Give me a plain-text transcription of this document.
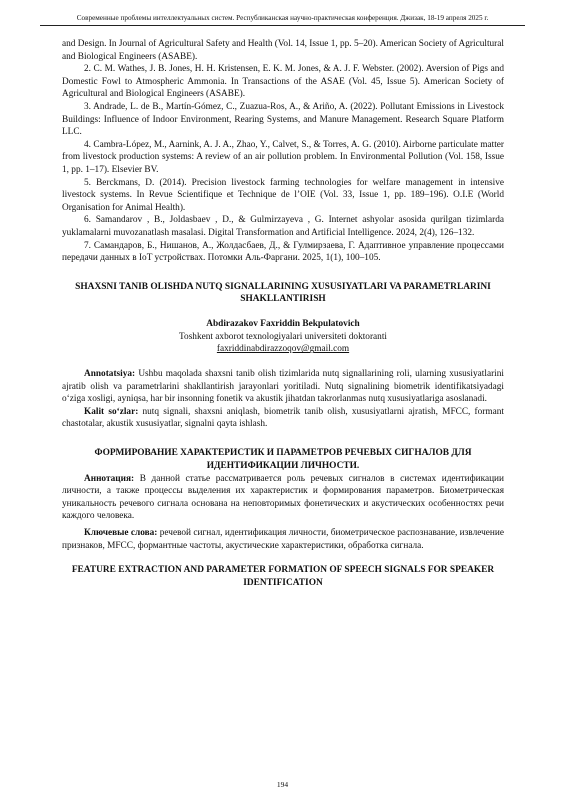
Современные проблемы интеллектуальных систем. Республиканская научно-практическая конференция. Джизак, 18-19 апреля 2025 г.

and Design. In Journal of Agricultural Safety and Health (Vol. 14, Issue 1, pp. 5–20). American Society of Agricultural and Biological Engineers (ASABE).

2. C. M. Wathes, J. B. Jones, H. H. Kristensen, E. K. M. Jones, & A. J. F. Webster. (2002). Aversion of Pigs and Domestic Fowl to Atmospheric Ammonia. In Transactions of the ASAE (Vol. 45, Issue 5). American Society of Agricultural and Biological Engineers (ASABE).

3. Andrade, L. de B., Martín-Gómez, C., Zuazua-Ros, A., & Ariño, A. (2022). Pollutant Emissions in Livestock Buildings: Influence of Indoor Environment, Rearing Systems, and Manure Management. Research Square Platform LLC.

4. Cambra-López, M., Aarnink, A. J. A., Zhao, Y., Calvet, S., & Torres, A. G. (2010). Airborne particulate matter from livestock production systems: A review of an air pollution problem. In Environmental Pollution (Vol. 158, Issue 1, pp. 1–17). Elsevier BV.

5. Berckmans, D. (2014). Precision livestock farming technologies for welfare management in intensive livestock systems. In Revue Scientifique et Technique de l’OIE (Vol. 33, Issue 1, pp. 189–196). O.I.E (World Organisation for Animal Health).

6. Samandarov , B., Joldasbaev , D., & Gulmirzayeva , G. Internet ashyolar asosida qurilgan tizimlarda yuklamalarni muvozanatlash masalasi. Digital Transformation and Artificial Intelligence. 2024, 2(4), 126–132.

7. Самандаров, Б., Нишанов, А., Жолдасбаев, Д., & Гулмирзаева, Г. Адаптивное управление процессами передачи данных в IoT устройствах. Потомки Аль-Фаргани. 2025, 1(1), 100–105.

SHAXSNI TANIB OLISHDA NUTQ SIGNALLARINING XUSUSIYATLARI VA PARAMETRLARINI SHAKLLANTIRISH

Abdirazakov Faxriddin Bekpulatovich

Toshkent axborot texnologiyalari universiteti doktoranti

faxriddinabdirazzoqov@gmail.com

Annotatsiya: Ushbu maqolada shaxsni tanib olish tizimlarida nutq signallarining roli, ularning xususiyatlarini ajratib olish va parametrlarini shakllantirish jarayonlari yoritiladi. Nutq signalining biometrik identifikatsiyadagi o‘ziga xosligi, ayniqsa, har bir insonning fonetik va akustik jihatdan takrorlanmas nutq xususiyatlariga asoslanadi.

Kalit so‘zlar: nutq signali, shaxsni aniqlash, biometrik tanib olish, xususiyatlarni ajratish, MFCC, formant chastotalar, akustik xususiyatlar, signalni qayta ishlash.

ФОРМИРОВАНИЕ ХАРАКТЕРИСТИК И ПАРАМЕТРОВ РЕЧЕВЫХ СИГНАЛОВ ДЛЯ ИДЕНТИФИКАЦИИ ЛИЧНОСТИ.

Аннотация: В данной статье рассматривается роль речевых сигналов в системах идентификации личности, а также процессы выделения их характеристик и формирования параметров. Биометрическая уникальность речевого сигнала основана на неповторимых фонетических и акустических особенностях речи каждого человека.

Ключевые слова: речевой сигнал, идентификация личности, биометрическое распознавание, извлечение признаков, MFCC, формантные частоты, акустические характеристики, обработка сигнала.

FEATURE EXTRACTION AND PARAMETER FORMATION OF SPEECH SIGNALS FOR SPEAKER IDENTIFICATION

194
